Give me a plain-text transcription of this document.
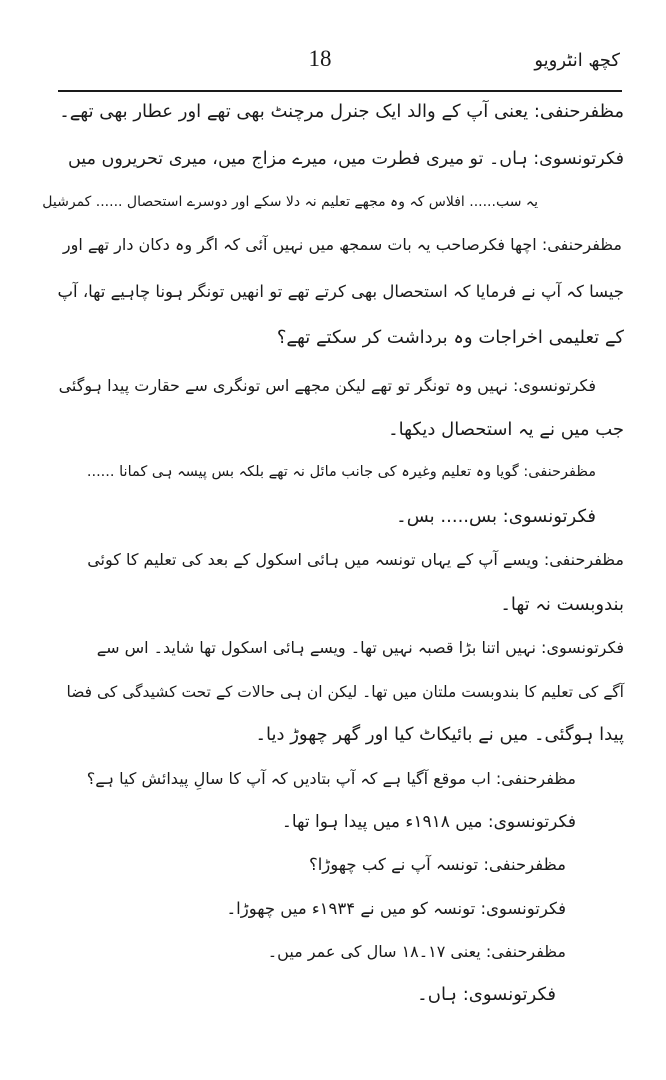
18	کچھ انٹرویو
مظفرحنفی: یعنی آپ کے والد ایک جنرل مرچنٹ بھی تھے اور عطار بھی تھے۔
فکرتونسوی: ہاں۔ تو میری فطرت میں، میرے مزاج میں، میری تحریروں میں
یہ سب...... افلاس کہ وہ مجھے تعلیم نہ دلا سکے اور دوسرے استحصال ...... کمرشیل
مظفرحنفی: اچھا فکرصاحب یہ بات سمجھ میں نہیں آئی کہ اگر وہ دکان دار تھے اور
جیسا کہ آپ نے فرمایا کہ استحصال بھی کرتے تھے تو انھیں تونگر ہونا چاہیے تھا، آپ
کے تعلیمی اخراجات وہ برداشت کر سکتے تھے؟
فکرتونسوی: نہیں وہ تونگر تو تھے لیکن مجھے اس تونگری سے حقارت پیدا ہوگئی
جب میں نے یہ استحصال دیکھا۔
مظفرحنفی: گویا وہ تعلیم وغیرہ کی جانب مائل نہ تھے بلکہ بس پیسہ ہی کمانا ......
فکرتونسوی: بس..... بس۔
مظفرحنفی: ویسے آپ کے یہاں تونسہ میں ہائی اسکول کے بعد کی تعلیم کا کوئی
بندوبست نہ تھا۔
فکرتونسوی: نہیں اتنا بڑا قصبہ نہیں تھا۔ ویسے ہائی اسکول تھا شاید۔ اس سے
آگے کی تعلیم کا بندوبست ملتان میں تھا۔ لیکن ان ہی حالات کے تحت کشیدگی کی فضا
پیدا ہوگئی۔ میں نے بائیکاٹ کیا اور گھر چھوڑ دیا۔
مظفرحنفی: اب موقع آگیا ہے کہ آپ بتادیں کہ آپ کا سالِ پیدائش کیا ہے؟
فکرتونسوی: میں ۱۹۱۸ء میں پیدا ہوا تھا۔
مظفرحنفی: تونسہ آپ نے کب چھوڑا؟
فکرتونسوی: تونسہ کو میں نے ۱۹۳۴ء میں چھوڑا۔
مظفرحنفی: یعنی ۱۷۔۱۸ سال کی عمر میں۔
فکرتونسوی: ہاں۔
